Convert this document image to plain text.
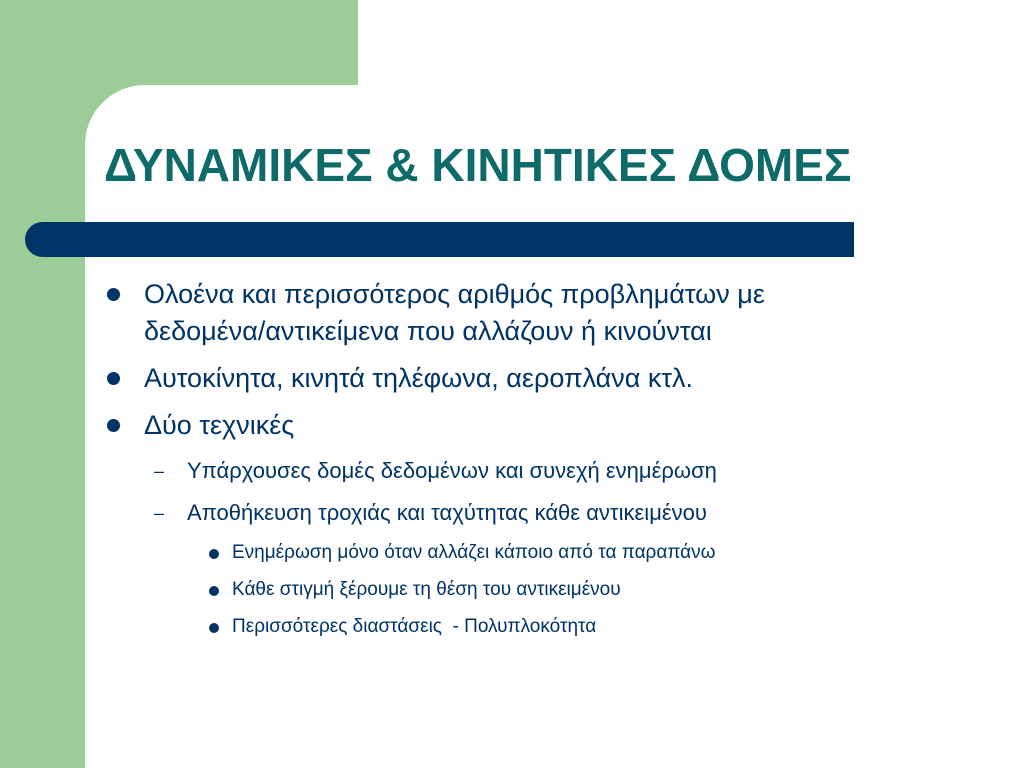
ΔΥΝΑΜΙΚΕΣ & ΚΙΝΗΤΙΚΕΣ ΔΟΜΕΣ
Ολοένα και περισσότερος αριθμός προβλημάτων με
δεδομένα/αντικείμενα που αλλάζουν ή κινούνται
Αυτοκίνητα, κινητά τηλέφωνα, αεροπλάνα κτλ.
Δύο τεχνικές
– Υπάρχουσες δομές δεδομένων και συνεχή ενημέρωση
– Αποθήκευση τροχιάς και ταχύτητας κάθε αντικειμένου
Ενημέρωση μόνο όταν αλλάζει κάποιο από τα παραπάνω
Κάθε στιγμή ξέρουμε τη θέση του αντικειμένου
Περισσότερες διαστάσεις  - Πολυπλοκότητα
